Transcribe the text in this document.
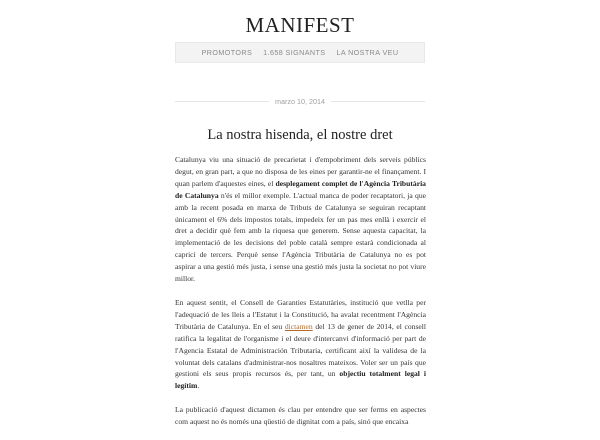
MANIFEST
PROMOTORS 1.658 SIGNANTS LA NOSTRA VEU
marzo 10, 2014
La nostra hisenda, el nostre dret

Catalunya viu una situació de precarietat i d'empobriment dels serveis públics degut, en gran part, a que no disposa de les eines per garantir-ne el finançament. I quan parlem d'aquestes eines, el desplegament complet de l'Agència Tributària de Catalunya n'és el millor exemple. L'actual manca de poder recaptatori, ja que amb la recent posada en marxa de Tributs de Catalunya se seguiran recaptant únicament el 6% dels impostos totals, impedeix fer un pas mes enllà i exercir el dret a decidir què fem amb la riquesa que generem. Sense aquesta capacitat, la implementació de les decisions del poble català sempre estarà condicionada al caprici de tercers. Perquè sense l'Agència Tributària de Catalunya no es pot aspirar a una gestió més justa, i sense una gestió més justa la societat no pot viure millor.

En aquest sentit, el Consell de Garanties Estatutàries, institució que vetlla per l'adequació de les lleis a l'Estatut i la Constitució, ha avalat recentment l'Agència Tributària de Catalunya. En el seu dictamen del 13 de gener de 2014, el consell ratifica la legalitat de l'organisme i el deure d'intercanvi d'informació per part de l'Agencia Estatal de Administración Tributaria, certificant així la validesa de la voluntat dels catalans d'administrar-nos nosaltres mateixos. Voler ser un país que gestioni els seus propis recursos és, per tant, un objectiu totalment legal i legítim.

La publicació d'aquest dictamen és clau per entendre que ser ferms en aspectes com aquest no és només una qüestió de dignitat com a país, sinó que encaixa
